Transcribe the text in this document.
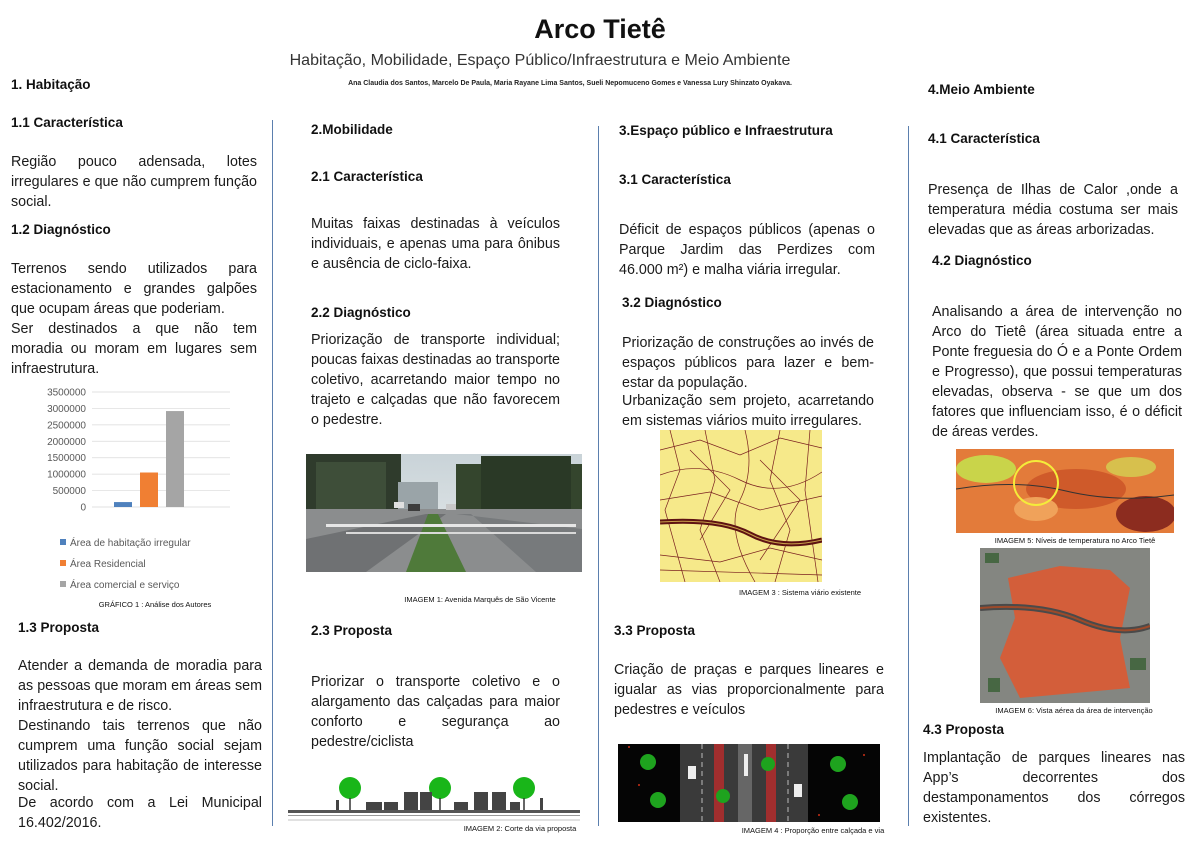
Arco Tietê
Habitação, Mobilidade, Espaço Público/Infraestrutura e Meio Ambiente
Ana Claudia dos Santos, Marcelo De Paula, Maria Rayane Lima Santos, Sueli Nepomuceno Gomes e Vanessa Lury Shinzato Oyakava.
1. Habitação
1.1 Característica
Região pouco adensada, lotes irregulares e que não cumprem função social.
1.2 Diagnóstico
Terrenos sendo utilizados para estacionamento e grandes galpões que ocupam áreas que poderiam.
Ser destinados a que não tem moradia ou moram em lugares sem infraestrutura.
0
500000
1000000
1500000
2000000
2500000
3000000
3500000
Área de habitação irregular
Área Residencial
Área comercial e serviço
GRÁFICO 1 : Análise dos Autores
1.3 Proposta
Atender a demanda de moradia para as pessoas que moram em áreas sem infraestrutura e de risco.
Destinando tais terrenos que não cumprem uma função social sejam utilizados para habitação de interesse social.
De acordo com a Lei Municipal 16.402/2016.
2.Mobilidade
2.1 Característica
Muitas faixas destinadas à veículos individuais, e apenas uma para ônibus e ausência de ciclo-faixa.
2.2 Diagnóstico
Priorização de transporte individual; poucas faixas destinadas ao transporte coletivo, acarretando maior tempo no trajeto e calçadas que não favorecem o pedestre.
IMAGEM 1: Avenida Marquês de São Vicente
2.3 Proposta
Priorizar o transporte coletivo e o alargamento das calçadas para maior conforto e segurança ao pedestre/ciclista
IMAGEM 2: Corte da via proposta
3.Espaço público e Infraestrutura
3.1 Característica
Déficit de espaços públicos (apenas o Parque Jardim das Perdizes com 46.000 m²) e malha viária irregular.
3.2 Diagnóstico
Priorização de construções ao invés de espaços públicos para lazer e bem-estar da população.
Urbanização sem projeto, acarretando em sistemas viários muito irregulares.
IMAGEM 3 : Sistema viário existente
3.3 Proposta
Criação de praças e parques lineares e igualar as vias proporcionalmente para pedestres e veículos
IMAGEM 4 : Proporção entre calçada e via
4.Meio Ambiente
4.1 Característica
Presença de Ilhas de Calor ,onde a temperatura média costuma ser mais elevadas que as áreas arborizadas.
4.2 Diagnóstico
Analisando a área de intervenção no Arco do Tietê (área situada entre a Ponte freguesia do Ó e a Ponte Ordem e Progresso), que possui temperaturas elevadas, observa - se que um dos fatores que influenciam isso, é o déficit de áreas verdes.
IMAGEM 5: Níveis de temperatura no Arco Tietê
IMAGEM 6: Vista aérea da área de intervenção
4.3 Proposta
Implantação de parques lineares nas App’s decorrentes dos destamponamentos dos córregos existentes.
